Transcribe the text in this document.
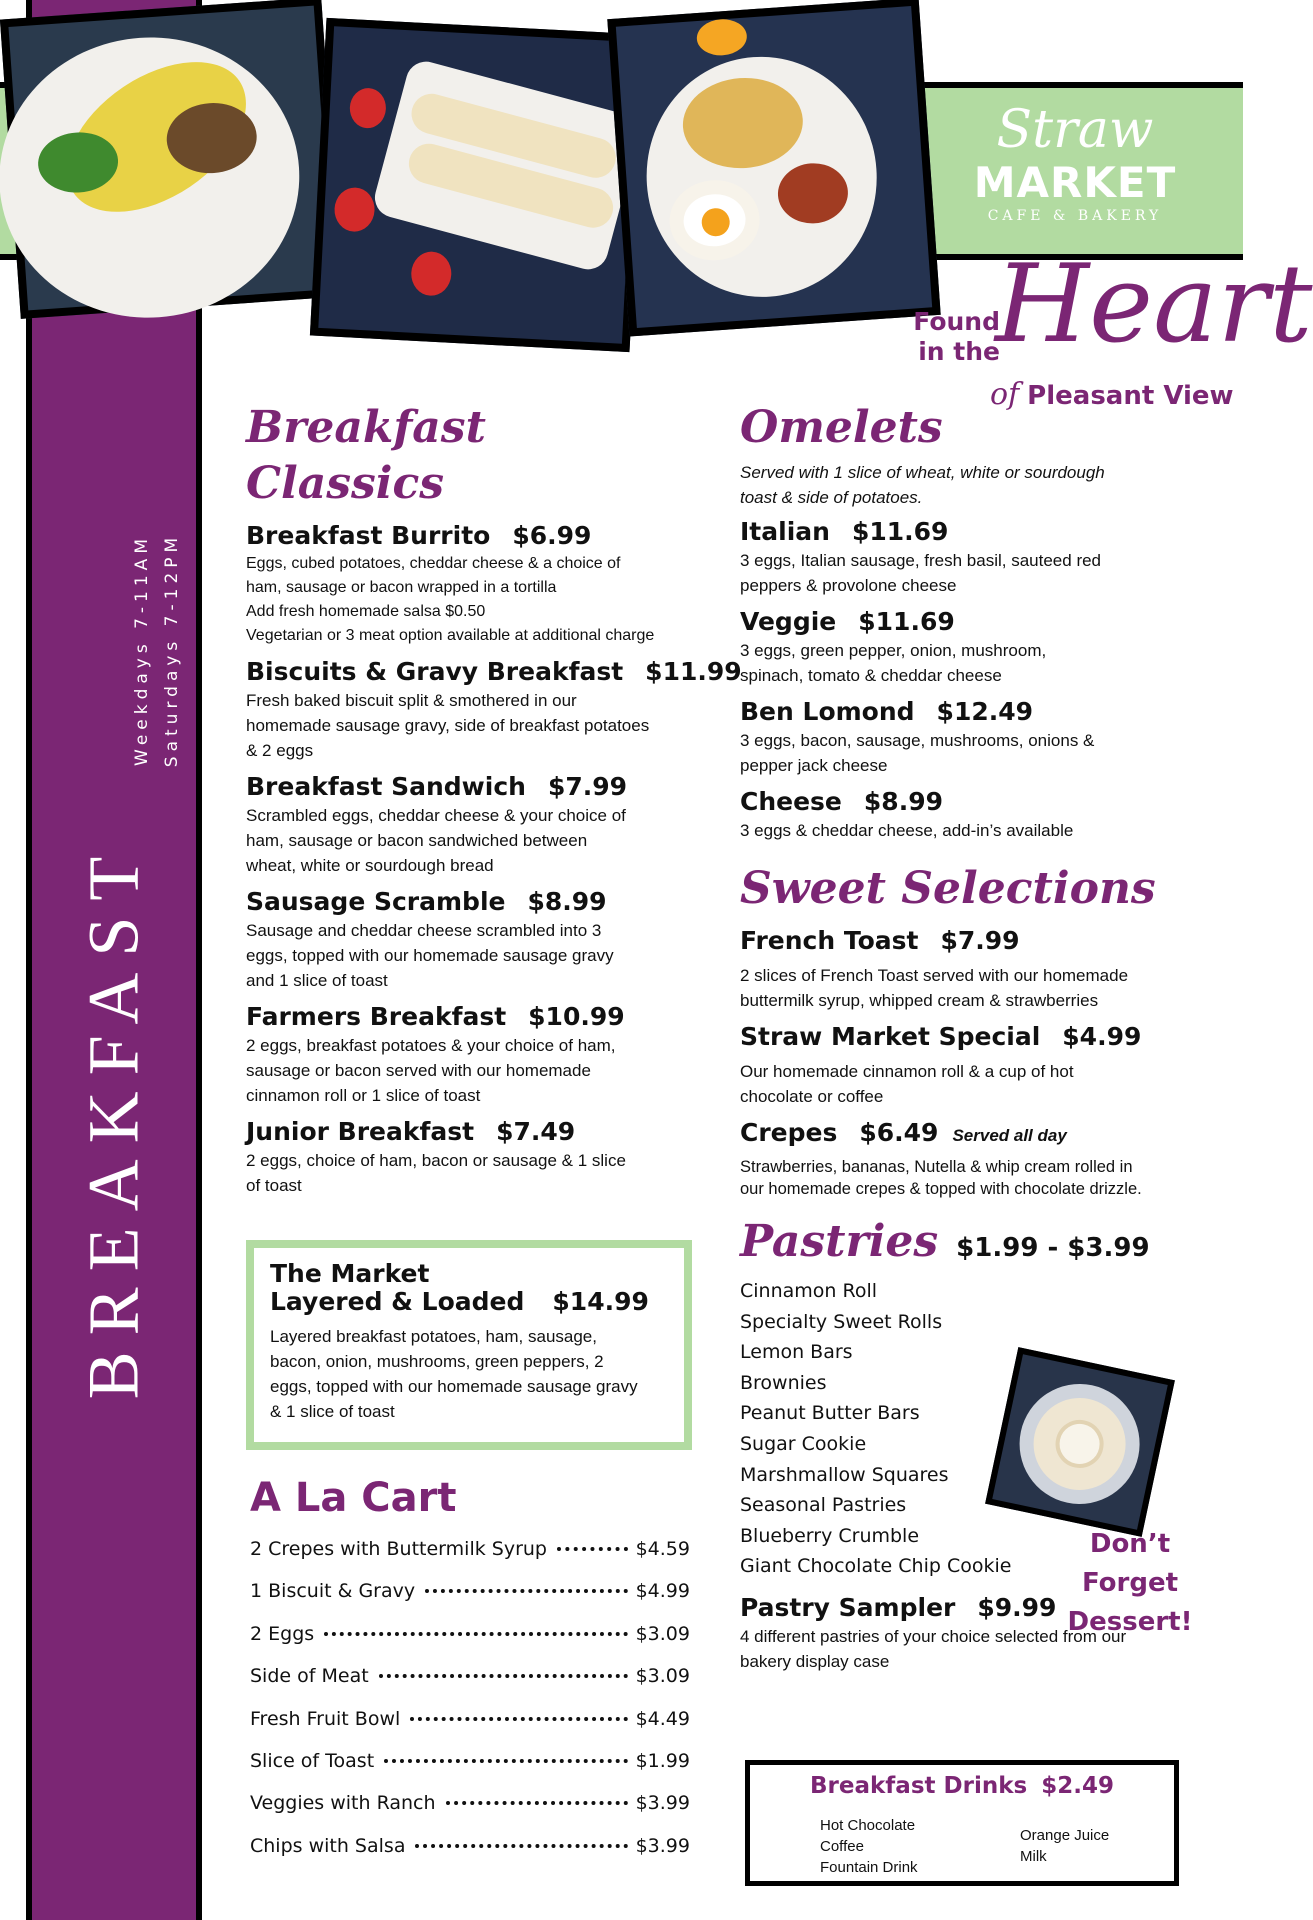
Weekdays 7-11AM Saturdays 7-12PM
BREAKFAST
Straw
MARKET
CAFE & BAKERY
Found in the
Heart
of Pleasant View
Breakfast Classics
Breakfast Burrito $6.99
Eggs, cubed potatoes, cheddar cheese & a choice of
ham, sausage or bacon wrapped in a tortilla
Add fresh homemade salsa $0.50
Vegetarian or 3 meat option available at additional charge
Biscuits & Gravy Breakfast $11.99
Fresh baked biscuit split & smothered in our
homemade sausage gravy, side of breakfast potatoes
& 2 eggs
Breakfast Sandwich $7.99
Scrambled eggs, cheddar cheese & your choice of
ham, sausage or bacon sandwiched between
wheat, white or sourdough bread
Sausage Scramble $8.99
Sausage and cheddar cheese scrambled into 3
eggs, topped with our homemade sausage gravy
and 1 slice of toast
Farmers Breakfast $10.99
2 eggs, breakfast potatoes & your choice of ham,
sausage or bacon served with our homemade
cinnamon roll or 1 slice of toast
Junior Breakfast $7.49
2 eggs, choice of ham, bacon or sausage & 1 slice
of toast
The Market
Layered & Loaded $14.99
Layered breakfast potatoes, ham, sausage,
bacon, onion, mushrooms, green peppers, 2
eggs, topped with our homemade sausage gravy
& 1 slice of toast
A La Cart
2 Crepes with Buttermilk Syrup	$4.59
1 Biscuit & Gravy	$4.99
2 Eggs	$3.09
Side of Meat	$3.09
Fresh Fruit Bowl	$4.49
Slice of Toast	$1.99
Veggies with Ranch	$3.99
Chips with Salsa	$3.99
Omelets
Served with 1 slice of wheat, white or sourdough
toast & side of potatoes.
Italian $11.69
3 eggs, Italian sausage, fresh basil, sauteed red
peppers & provolone cheese
Veggie $11.69
3 eggs, green pepper, onion, mushroom,
spinach, tomato & cheddar cheese
Ben Lomond $12.49
3 eggs, bacon, sausage, mushrooms, onions &
pepper jack cheese
Cheese $8.99
3 eggs & cheddar cheese, add-in’s available
Sweet Selections
French Toast $7.99
2 slices of French Toast served with our homemade
buttermilk syrup, whipped cream & strawberries
Straw Market Special $4.99
Our homemade cinnamon roll & a cup of hot
chocolate or coffee
Crepes $6.49 Served all day
Strawberries, bananas, Nutella & whip cream rolled in
our homemade crepes & topped with chocolate drizzle.
Pastries $1.99 - $3.99
Cinnamon Roll
Specialty Sweet Rolls
Lemon Bars
Brownies
Peanut Butter Bars
Sugar Cookie
Marshmallow Squares
Seasonal Pastries
Blueberry Crumble
Giant Chocolate Chip Cookie
Pastry Sampler $9.99
4 different pastries of your choice selected from our
bakery display case
Don’t
Forget
Dessert!
Breakfast Drinks $2.49
Hot Chocolate
Coffee
Fountain Drink
Orange Juice
Milk
